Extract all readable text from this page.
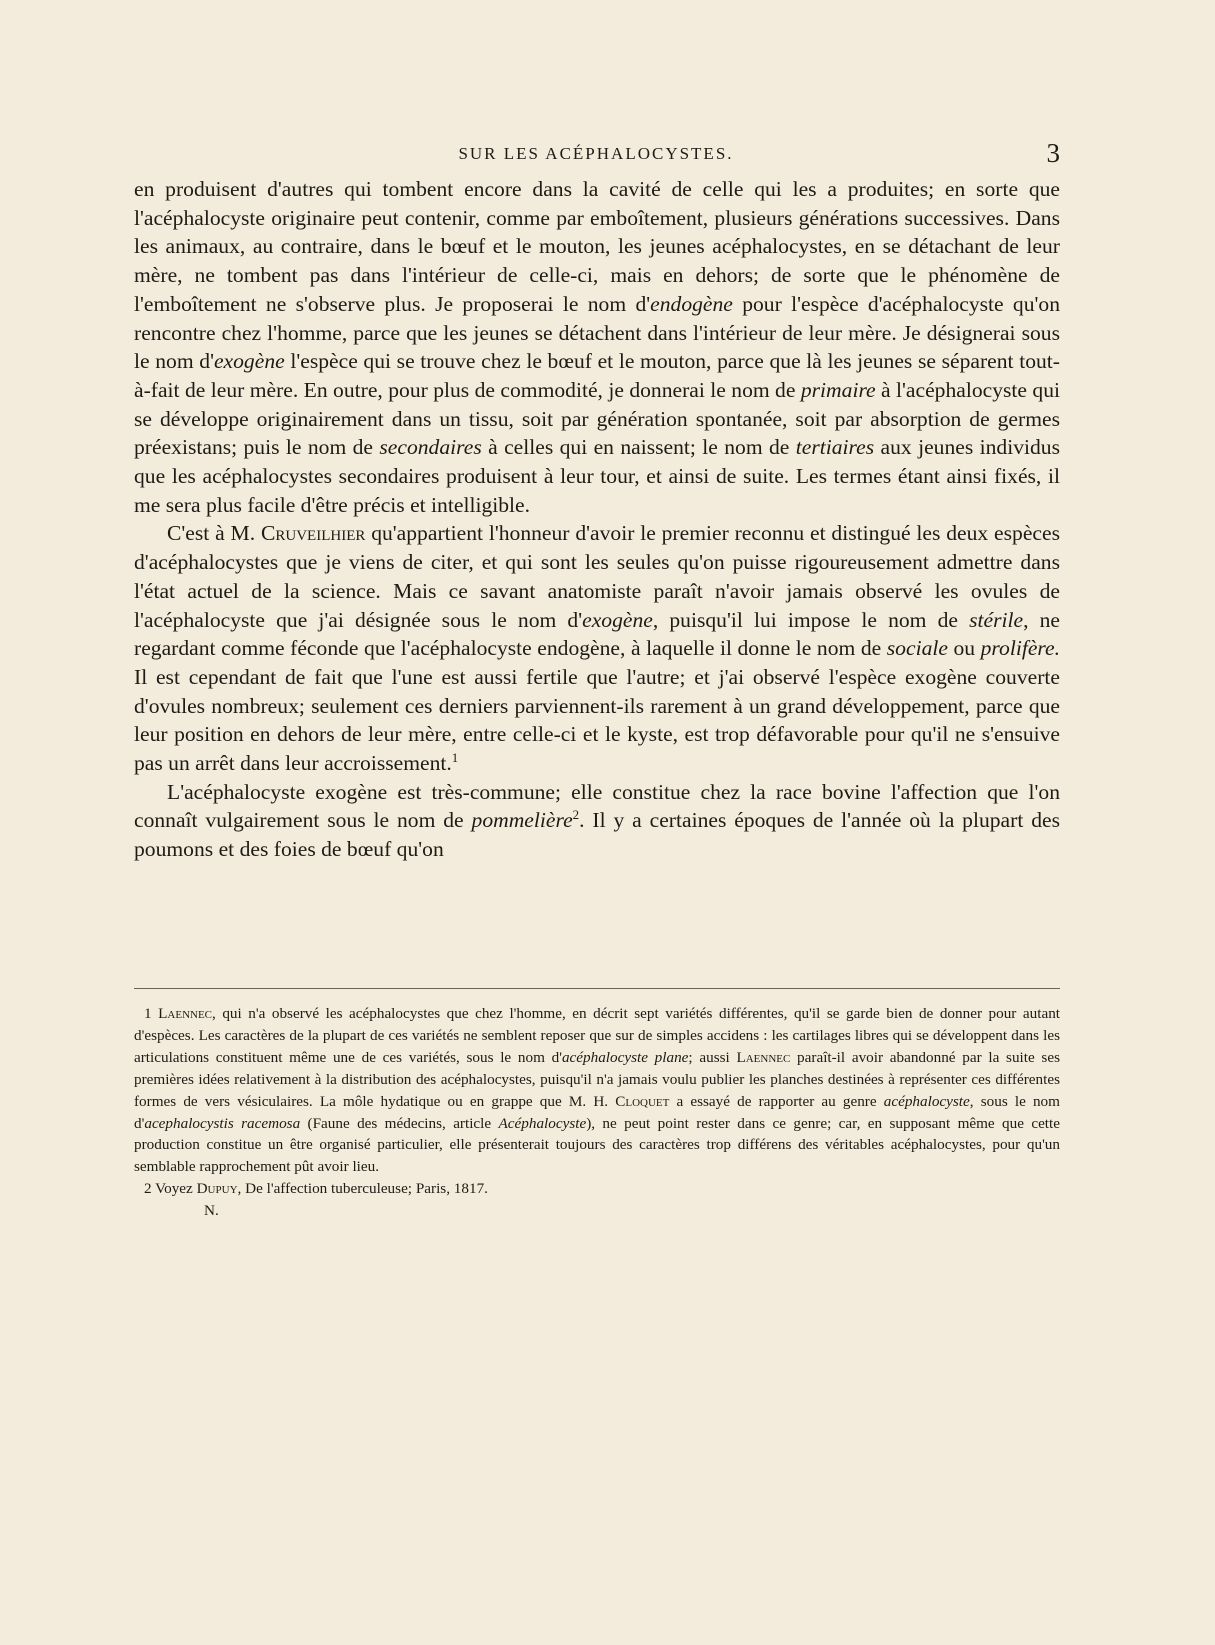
SUR LES ACÉPHALOCYSTES.	3

en produisent d'autres qui tombent encore dans la cavité de celle qui les a produites; en sorte que l'acéphalocyste originaire peut contenir, comme par emboîtement, plusieurs générations successives. Dans les animaux, au contraire, dans le bœuf et le mouton, les jeunes acéphalocystes, en se détachant de leur mère, ne tombent pas dans l'intérieur de celle-ci, mais en dehors; de sorte que le phénomène de l'emboîtement ne s'observe plus. Je proposerai le nom d'endogène pour l'espèce d'acéphalocyste qu'on rencontre chez l'homme, parce que les jeunes se détachent dans l'intérieur de leur mère. Je désignerai sous le nom d'exogène l'espèce qui se trouve chez le bœuf et le mouton, parce que là les jeunes se séparent tout-à-fait de leur mère. En outre, pour plus de commodité, je donnerai le nom de primaire à l'acéphalocyste qui se développe originairement dans un tissu, soit par génération spontanée, soit par absorption de germes préexistans; puis le nom de secondaires à celles qui en naissent; le nom de tertiaires aux jeunes individus que les acéphalocystes secondaires produisent à leur tour, et ainsi de suite. Les termes étant ainsi fixés, il me sera plus facile d'être précis et intelligible.

C'est à M. Cruveilhier qu'appartient l'honneur d'avoir le premier reconnu et distingué les deux espèces d'acéphalocystes que je viens de citer, et qui sont les seules qu'on puisse rigoureusement admettre dans l'état actuel de la science. Mais ce savant anatomiste paraît n'avoir jamais observé les ovules de l'acéphalocyste que j'ai désignée sous le nom d'exogène, puisqu'il lui impose le nom de stérile, ne regardant comme féconde que l'acéphalocyste endogène, à laquelle il donne le nom de sociale ou prolifère. Il est cependant de fait que l'une est aussi fertile que l'autre; et j'ai observé l'espèce exogène couverte d'ovules nombreux; seulement ces derniers parviennent-ils rarement à un grand développement, parce que leur position en dehors de leur mère, entre celle-ci et le kyste, est trop défavorable pour qu'il ne s'ensuive pas un arrêt dans leur accroissement.$^1$

L'acéphalocyste exogène est très-commune; elle constitue chez la race bovine l'affection que l'on connaît vulgairement sous le nom de pommelière$^2$. Il y a certaines époques de l'année où la plupart des poumons et des foies de bœuf qu'on

1 Laennec, qui n'a observé les acéphalocystes que chez l'homme, en décrit sept variétés différentes, qu'il se garde bien de donner pour autant d'espèces. Les caractères de la plupart de ces variétés ne semblent reposer que sur de simples accidens : les cartilages libres qui se développent dans les articulations constituent même une de ces variétés, sous le nom d'acéphalocyste plane; aussi Laennec paraît-il avoir abandonné par la suite ses premières idées relativement à la distribution des acéphalocystes, puisqu'il n'a jamais voulu publier les planches destinées à représenter ces différentes formes de vers vésiculaires. La môle hydatique ou en grappe que M. H. Cloquet a essayé de rapporter au genre acéphalocyste, sous le nom d'acephalocystis racemosa (Faune des médecins, article Acéphalocyste), ne peut point rester dans ce genre; car, en supposant même que cette production constitue un être organisé particulier, elle présenterait toujours des caractères trop différens des véritables acéphalocystes, pour qu'un semblable rapprochement pût avoir lieu.

2 Voyez Dupuy, De l'affection tuberculeuse; Paris, 1817.

N.
